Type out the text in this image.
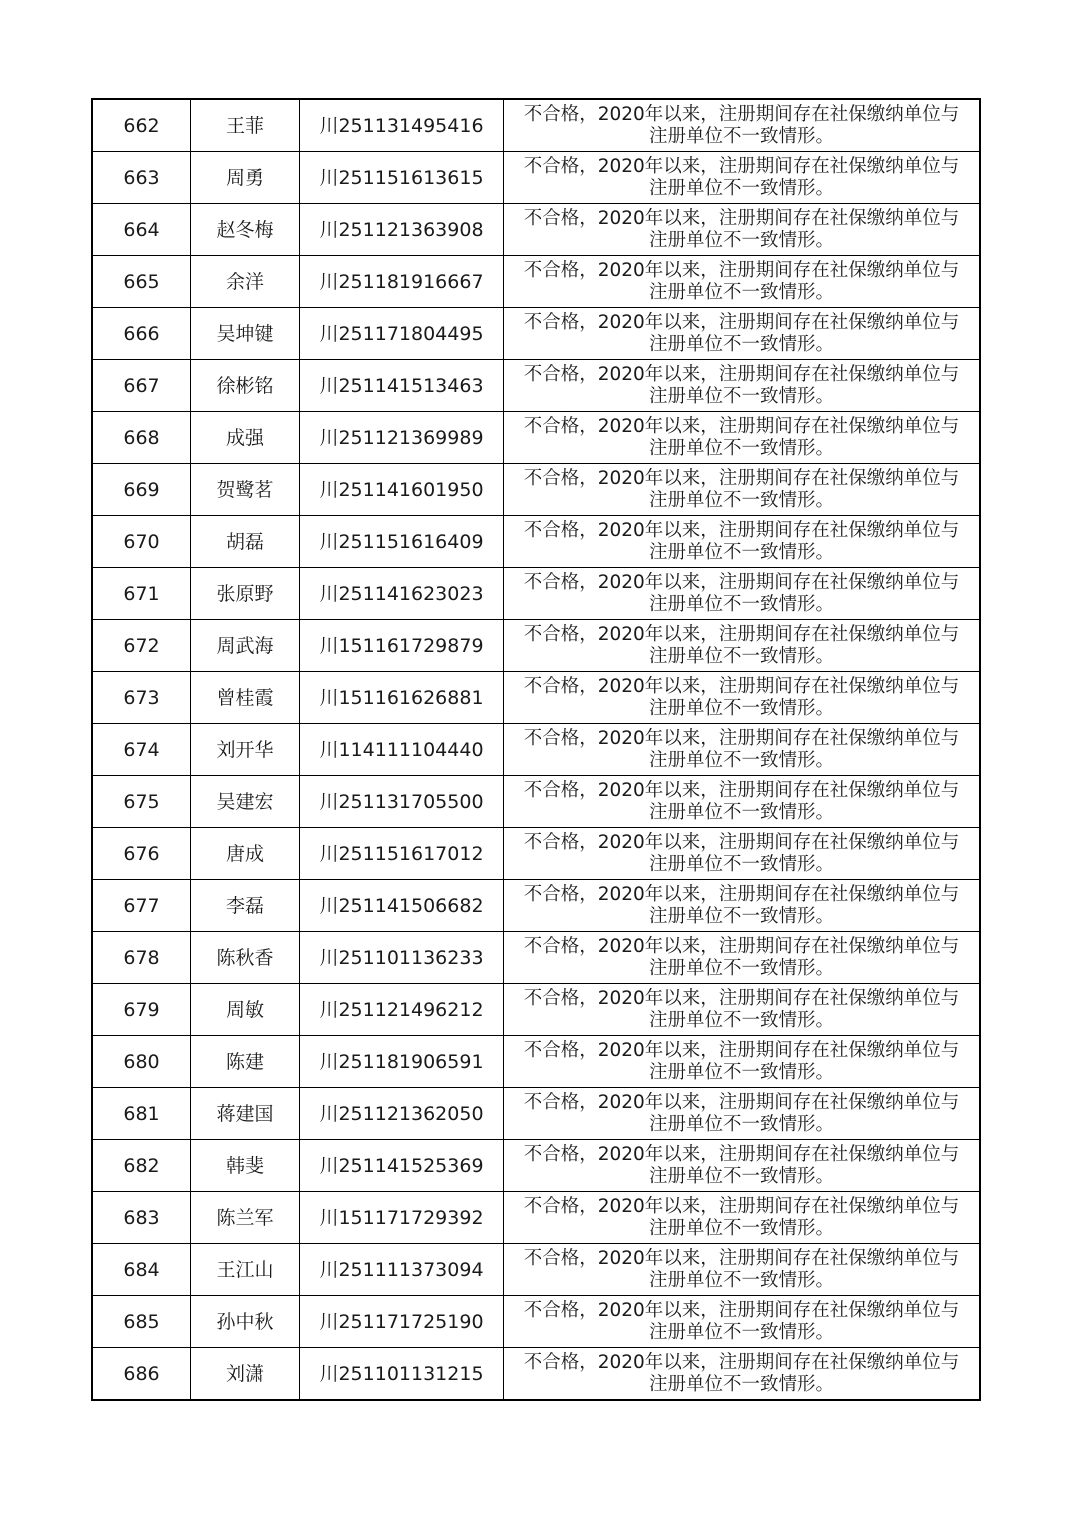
662	王菲	川251131495416	不合格，2020年以来，注册期间存在社保缴纳单位与
注册单位不一致情形。

663	周勇	川251151613615	不合格，2020年以来，注册期间存在社保缴纳单位与
注册单位不一致情形。

664	赵冬梅	川251121363908	不合格，2020年以来，注册期间存在社保缴纳单位与
注册单位不一致情形。

665	余洋	川251181916667	不合格，2020年以来，注册期间存在社保缴纳单位与
注册单位不一致情形。

666	吴坤键	川251171804495	不合格，2020年以来，注册期间存在社保缴纳单位与
注册单位不一致情形。

667	徐彬铭	川251141513463	不合格，2020年以来，注册期间存在社保缴纳单位与
注册单位不一致情形。

668	成强	川251121369989	不合格，2020年以来，注册期间存在社保缴纳单位与
注册单位不一致情形。

669	贺鹭茗	川251141601950	不合格，2020年以来，注册期间存在社保缴纳单位与
注册单位不一致情形。

670	胡磊	川251151616409	不合格，2020年以来，注册期间存在社保缴纳单位与
注册单位不一致情形。

671	张原野	川251141623023	不合格，2020年以来，注册期间存在社保缴纳单位与
注册单位不一致情形。

672	周武海	川151161729879	不合格，2020年以来，注册期间存在社保缴纳单位与
注册单位不一致情形。

673	曾桂霞	川151161626881	不合格，2020年以来，注册期间存在社保缴纳单位与
注册单位不一致情形。

674	刘开华	川114111104440	不合格，2020年以来，注册期间存在社保缴纳单位与
注册单位不一致情形。

675	吴建宏	川251131705500	不合格，2020年以来，注册期间存在社保缴纳单位与
注册单位不一致情形。

676	唐成	川251151617012	不合格，2020年以来，注册期间存在社保缴纳单位与
注册单位不一致情形。

677	李磊	川251141506682	不合格，2020年以来，注册期间存在社保缴纳单位与
注册单位不一致情形。

678	陈秋香	川251101136233	不合格，2020年以来，注册期间存在社保缴纳单位与
注册单位不一致情形。

679	周敏	川251121496212	不合格，2020年以来，注册期间存在社保缴纳单位与
注册单位不一致情形。

680	陈建	川251181906591	不合格，2020年以来，注册期间存在社保缴纳单位与
注册单位不一致情形。

681	蒋建国	川251121362050	不合格，2020年以来，注册期间存在社保缴纳单位与
注册单位不一致情形。

682	韩斐	川251141525369	不合格，2020年以来，注册期间存在社保缴纳单位与
注册单位不一致情形。

683	陈兰军	川151171729392	不合格，2020年以来，注册期间存在社保缴纳单位与
注册单位不一致情形。

684	王江山	川251111373094	不合格，2020年以来，注册期间存在社保缴纳单位与
注册单位不一致情形。

685	孙中秋	川251171725190	不合格，2020年以来，注册期间存在社保缴纳单位与
注册单位不一致情形。

686	刘潇	川251101131215	不合格，2020年以来，注册期间存在社保缴纳单位与
注册单位不一致情形。
